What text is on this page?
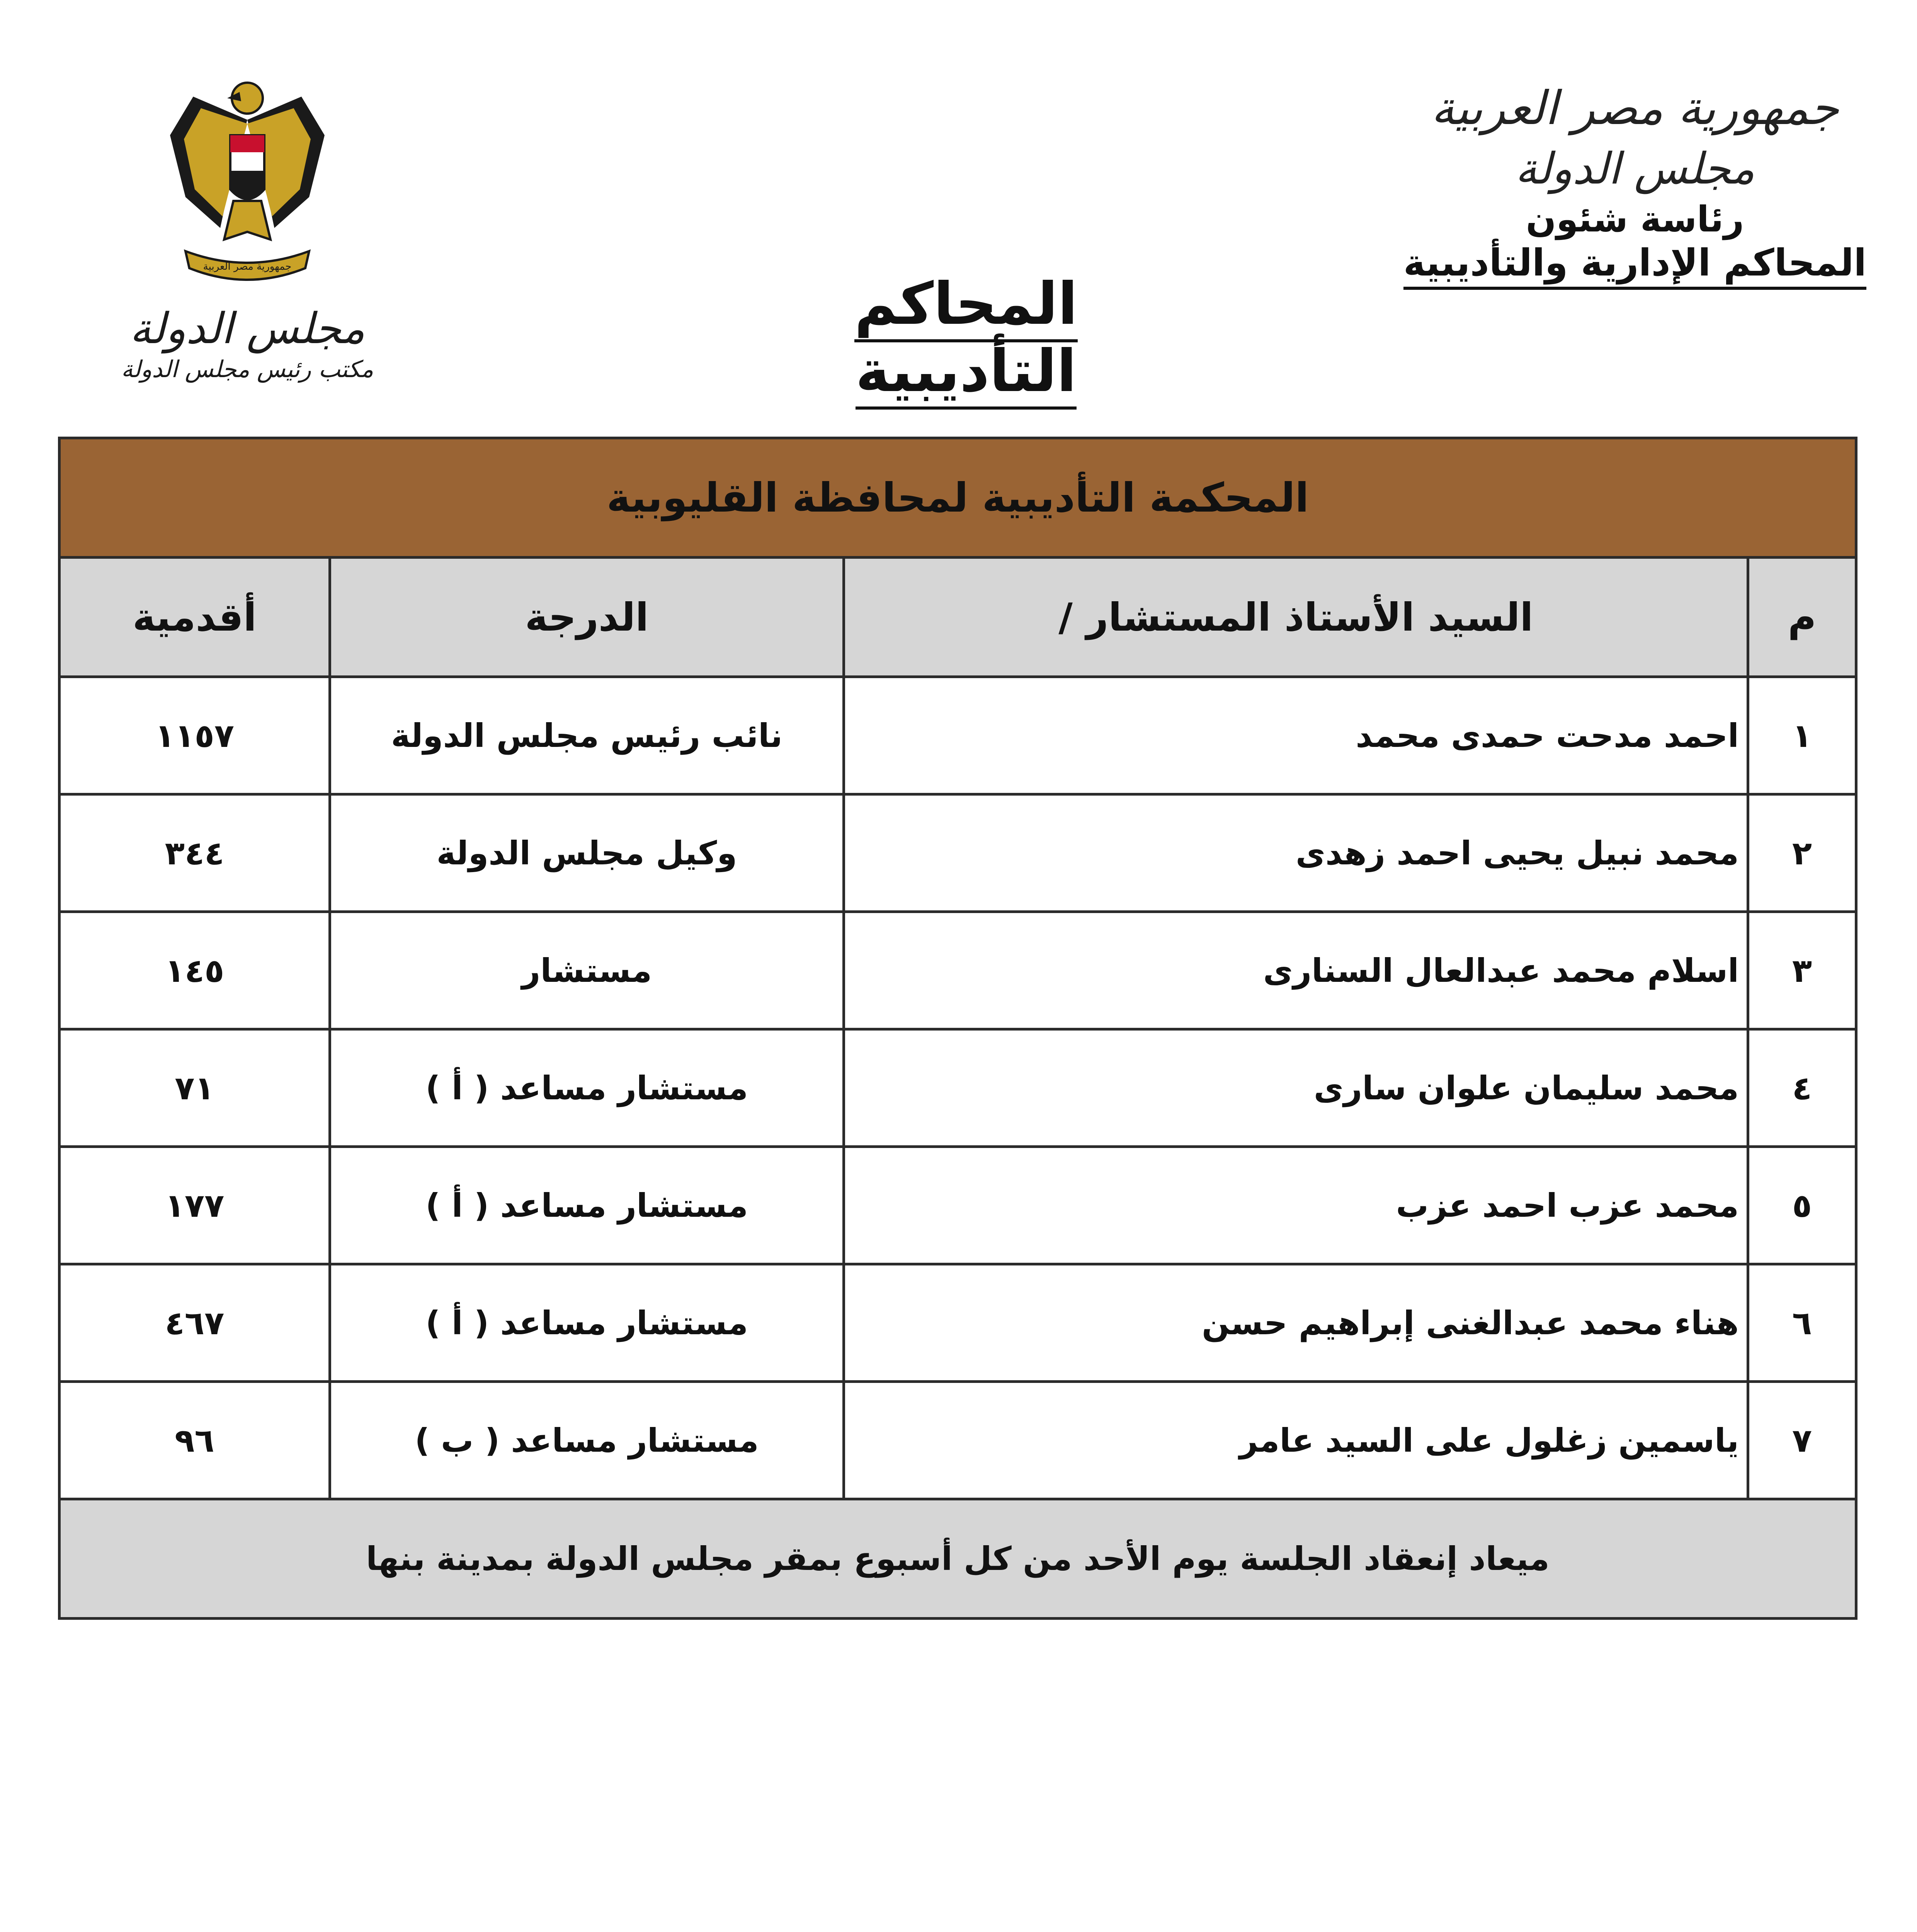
جمهورية مصر العربية
مجلس الدولة
رئاسة شئون
المحاكم الإدارية والتأديبية
جمهورية مصر العربية
مجلس الدولة
مكتب رئيس مجلس الدولة
المحاكم التأديبية
المحكمة التأديبية لمحافظة القليوبية			
م	السيد الأستاذ المستشار /	الدرجة	أقدمية
١	احمد مدحت حمدى محمد	نائب رئيس مجلس الدولة	١١٥٧
٢	محمد نبيل يحيى احمد زهدى	وكيل مجلس الدولة	٣٤٤
٣	اسلام محمد عبدالعال السنارى	مستشار	١٤٥
٤	محمد سليمان علوان سارى	مستشار مساعد ( أ )	٧١
٥	محمد عزب احمد عزب	مستشار مساعد ( أ )	١٧٧
٦	هناء محمد عبدالغنى إبراهيم حسن	مستشار مساعد ( أ )	٤٦٧
٧	ياسمين زغلول على السيد عامر	مستشار مساعد ( ب )	٩٦
ميعاد إنعقاد الجلسة يوم الأحد من كل أسبوع بمقر مجلس الدولة بمدينة بنها			
